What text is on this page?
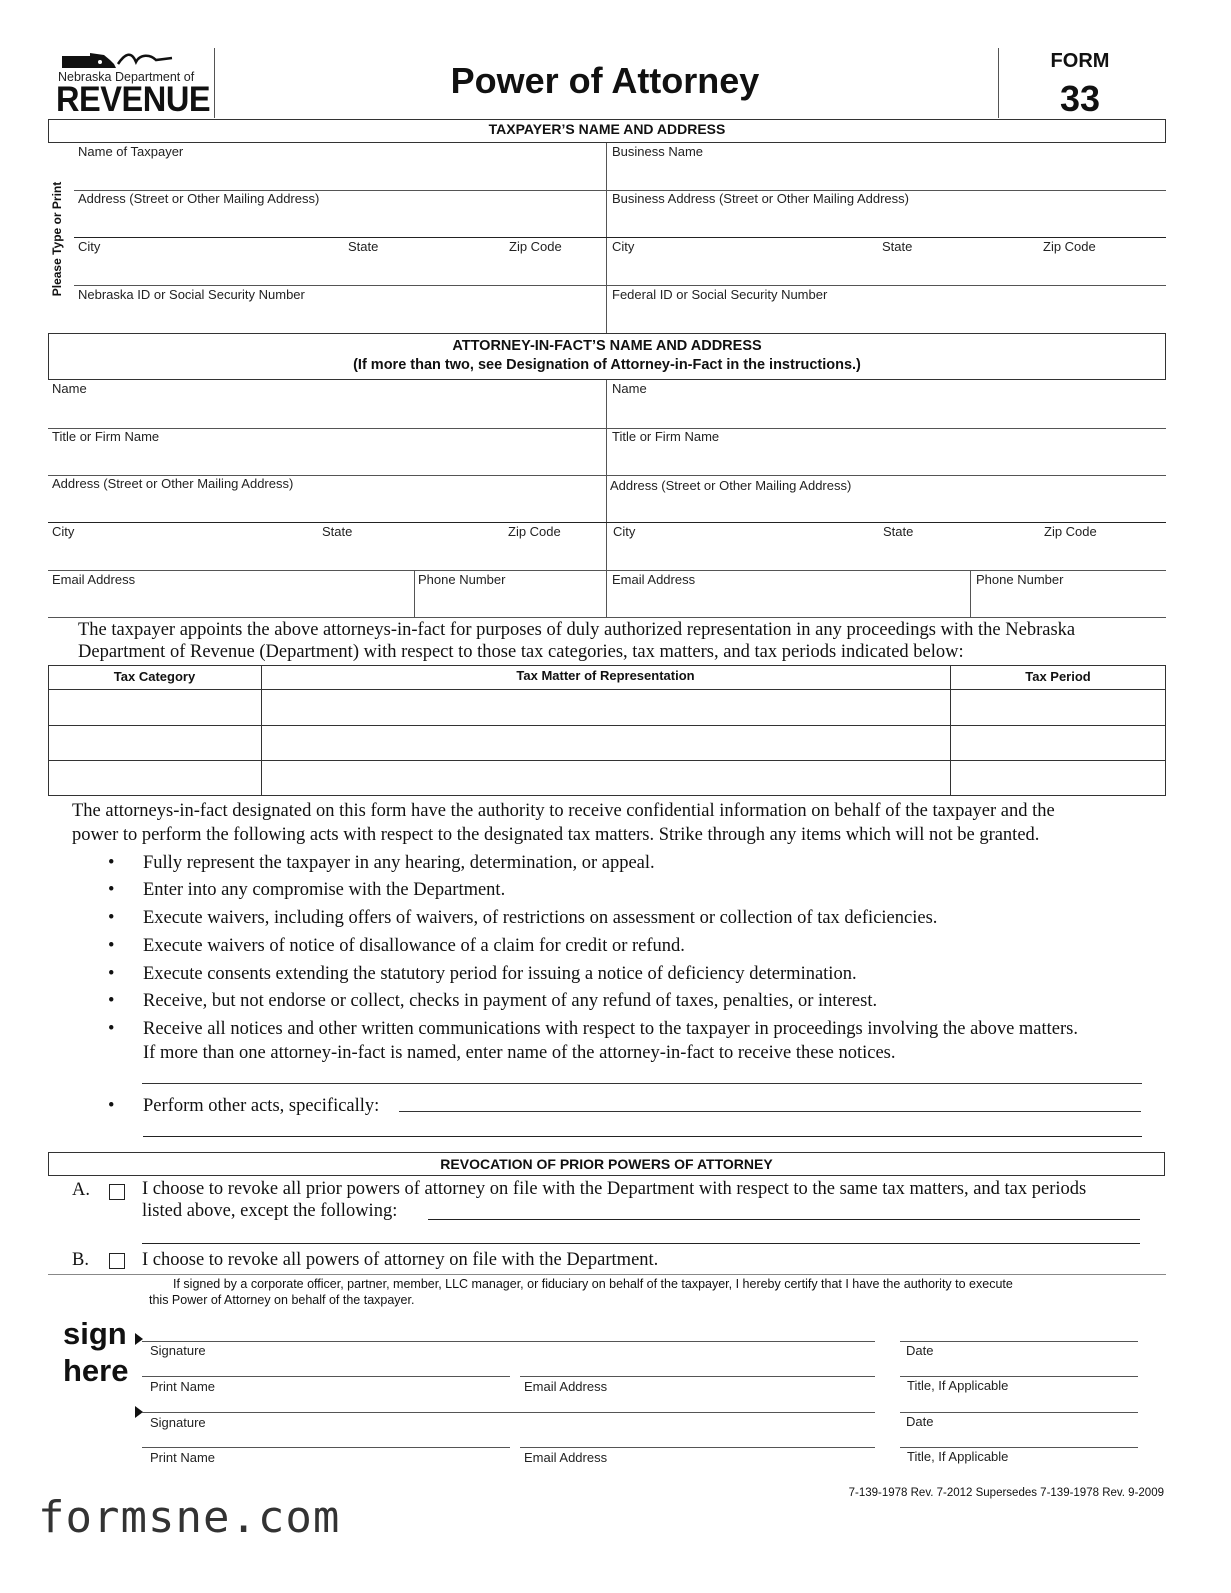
Nebraska Department of
REVENUE	Power of Attorney	FORM
33
TAXPAYER’S NAME AND ADDRESS
Please Type or Print
Name of Taxpayer	Business Name
Address (Street or Other Mailing Address)	Business Address (Street or Other Mailing Address)
City	State	Zip Code	City	State	Zip Code
Nebraska ID or Social Security Number	Federal ID or Social Security Number
ATTORNEY-IN-FACT’S NAME AND ADDRESS
(If more than two, see Designation of Attorney-in-Fact in the instructions.)
Name	Name
Title or Firm Name	Title or Firm Name
Address (Street or Other Mailing Address)	Address (Street or Other Mailing Address)
City	State	Zip Code	City	State	Zip Code
Email Address	Phone Number	Email Address	Phone Number
The taxpayer appoints the above attorneys-in-fact for purposes of duly authorized representation in any proceedings with the Nebraska
Department of Revenue (Department) with respect to those tax categories, tax matters, and tax periods indicated below:
Tax Category	Tax Matter of Representation	Tax Period
The attorneys-in-fact designated on this form have the authority to receive confidential information on behalf of the taxpayer and the
power to perform the following acts with respect to the designated tax matters. Strike through any items which will not be granted.
• Fully represent the taxpayer in any hearing, determination, or appeal.
• Enter into any compromise with the Department.
• Execute waivers, including offers of waivers, of restrictions on assessment or collection of tax deficiencies.
• Execute waivers of notice of disallowance of a claim for credit or refund.
• Execute consents extending the statutory period for issuing a notice of deficiency determination.
• Receive, but not endorse or collect, checks in payment of any refund of taxes, penalties, or interest.
• Receive all notices and other written communications with respect to the taxpayer in proceedings involving the above matters.
If more than one attorney-in-fact is named, enter name of the attorney-in-fact to receive these notices.
• Perform other acts, specifically:
REVOCATION OF PRIOR POWERS OF ATTORNEY
A.	I choose to revoke all prior powers of attorney on file with the Department with respect to the same tax matters, and tax periods
listed above, except the following:
B.	I choose to revoke all powers of attorney on file with the Department.
If signed by a corporate officer, partner, member, LLC manager, or fiduciary on behalf of the taxpayer, I hereby certify that I have the authority to execute
this Power of Attorney on behalf of the taxpayer.
sign
here
Signature	Date
Print Name	Email Address	Title, If Applicable
Signature	Date
Print Name	Email Address	Title, If Applicable
7-139-1978 Rev. 7-2012 Supersedes 7-139-1978 Rev. 9-2009
formsne.com
